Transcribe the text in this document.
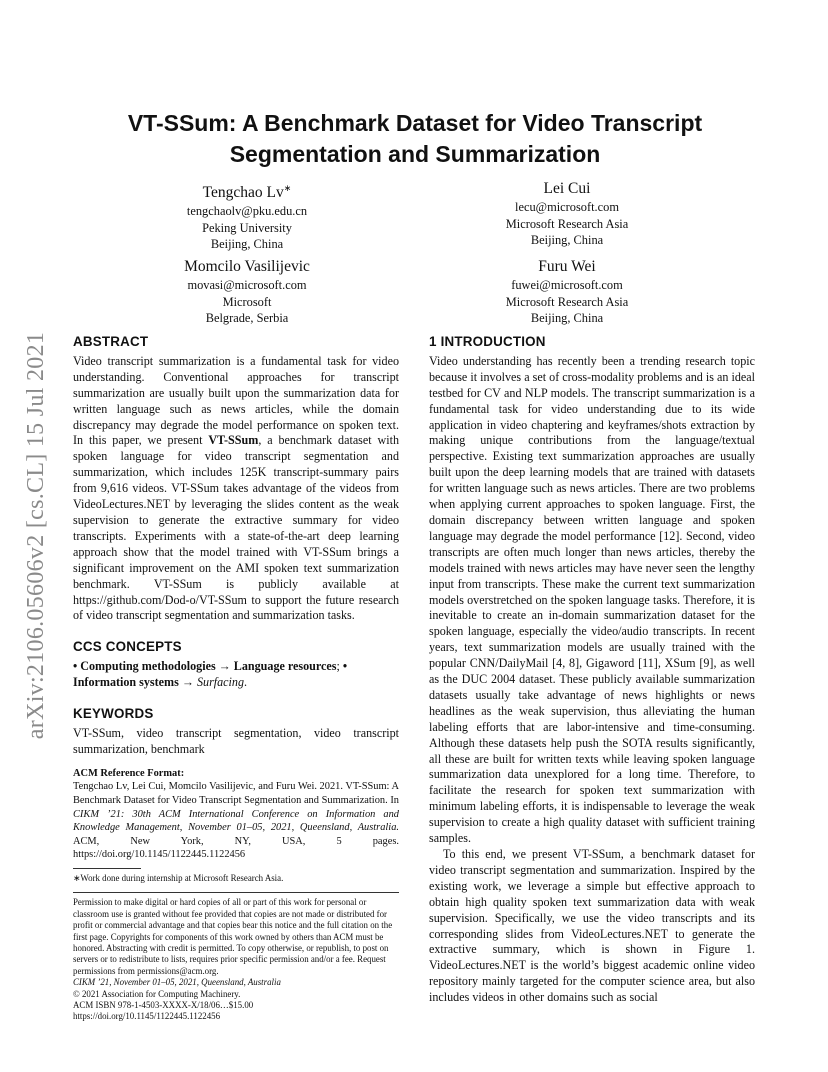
arXiv:2106.05606v2 [cs.CL] 15 Jul 2021
VT-SSum: A Benchmark Dataset for Video Transcript
Segmentation and Summarization
Tengchao Lv∗
tengchaolv@pku.edu.cn
Peking University
Beijing, China
Lei Cui
lecu@microsoft.com
Microsoft Research Asia
Beijing, China
Momcilo Vasilijevic
movasi@microsoft.com
Microsoft
Belgrade, Serbia
Furu Wei
fuwei@microsoft.com
Microsoft Research Asia
Beijing, China
ABSTRACT

Video transcript summarization is a fundamental task for video understanding. Conventional approaches for transcript summarization are usually built upon the summarization data for written language such as news articles, while the domain discrepancy may degrade the model performance on spoken text. In this paper, we present VT-SSum, a benchmark dataset with spoken language for video transcript segmentation and summarization, which includes 125K transcript-summary pairs from 9,616 videos. VT-SSum takes advantage of the videos from VideoLectures.NET by leveraging the slides content as the weak supervision to generate the extractive summary for video transcripts. Experiments with a state-of-the-art deep learning approach show that the model trained with VT-SSum brings a significant improvement on the AMI spoken text summarization benchmark. VT-SSum is publicly available at https://github.com/Dod-o/VT-SSum to support the future research of video transcript segmentation and summarization tasks.

CCS CONCEPTS

• Computing methodologies → Language resources; • Information systems → Surfacing.

KEYWORDS

VT-SSum, video transcript segmentation, video transcript summarization, benchmark

ACM Reference Format:

Tengchao Lv, Lei Cui, Momcilo Vasilijevic, and Furu Wei. 2021. VT-SSum: A Benchmark Dataset for Video Transcript Segmentation and Summarization. In CIKM ’21: 30th ACM International Conference on Information and Knowledge Management, November 01–05, 2021, Queensland, Australia. ACM, New York, NY, USA, 5 pages. https://doi.org/10.1145/1122445.1122456

∗Work done during internship at Microsoft Research Asia.
Permission to make digital or hard copies of all or part of this work for personal or classroom use is granted without fee provided that copies are not made or distributed for profit or commercial advantage and that copies bear this notice and the full citation on the first page. Copyrights for components of this work owned by others than ACM must be honored. Abstracting with credit is permitted. To copy otherwise, or republish, to post on servers or to redistribute to lists, requires prior specific permission and/or a fee. Request permissions from permissions@acm.org.
CIKM ’21, November 01–05, 2021, Queensland, Australia
© 2021 Association for Computing Machinery.
ACM ISBN 978-1-4503-XXXX-X/18/06…$15.00
https://doi.org/10.1145/1122445.1122456
1 INTRODUCTION

Video understanding has recently been a trending research topic because it involves a set of cross-modality problems and is an ideal testbed for CV and NLP models. The transcript summarization is a fundamental task for video understanding due to its wide application in video chaptering and keyframes/shots extraction by making unique contributions from the language/textual perspective. Existing text summarization approaches are usually built upon the deep learning models that are trained with datasets for written language such as news articles. There are two problems when applying current approaches to spoken language. First, the domain discrepancy between written language and spoken language may degrade the model performance [12]. Second, video transcripts are often much longer than news articles, thereby the models trained with news articles may have never seen the lengthy input from transcripts. These make the current text summarization models overstretched on the spoken language tasks. Therefore, it is inevitable to create an in-domain summarization dataset for the spoken language, especially the video/audio transcripts. In recent years, text summarization models are usually trained with the popular CNN/DailyMail [4, 8], Gigaword [11], XSum [9], as well as the DUC 2004 dataset. These publicly available summarization datasets usually take advantage of news highlights or news headlines as the weak supervision, thus alleviating the human labeling efforts that are labor-intensive and time-consuming. Although these datasets help push the SOTA results significantly, all these are built for written texts while leaving spoken language summarization data unexplored for a long time. Therefore, to facilitate the research for spoken text summarization with minimum labeling efforts, it is indispensable to leverage the weak supervision to create a high quality dataset with sufficient training samples.

To this end, we present VT-SSum, a benchmark dataset for video transcript segmentation and summarization. Inspired by the existing work, we leverage a simple but effective approach to obtain high quality spoken text summarization data with weak supervision. Specifically, we use the video transcripts and its corresponding slides from VideoLectures.NET to generate the extractive summary, which is shown in Figure 1. VideoLectures.NET is the world’s biggest academic online video repository mainly targeted for the computer science area, but also includes videos in other domains such as social
